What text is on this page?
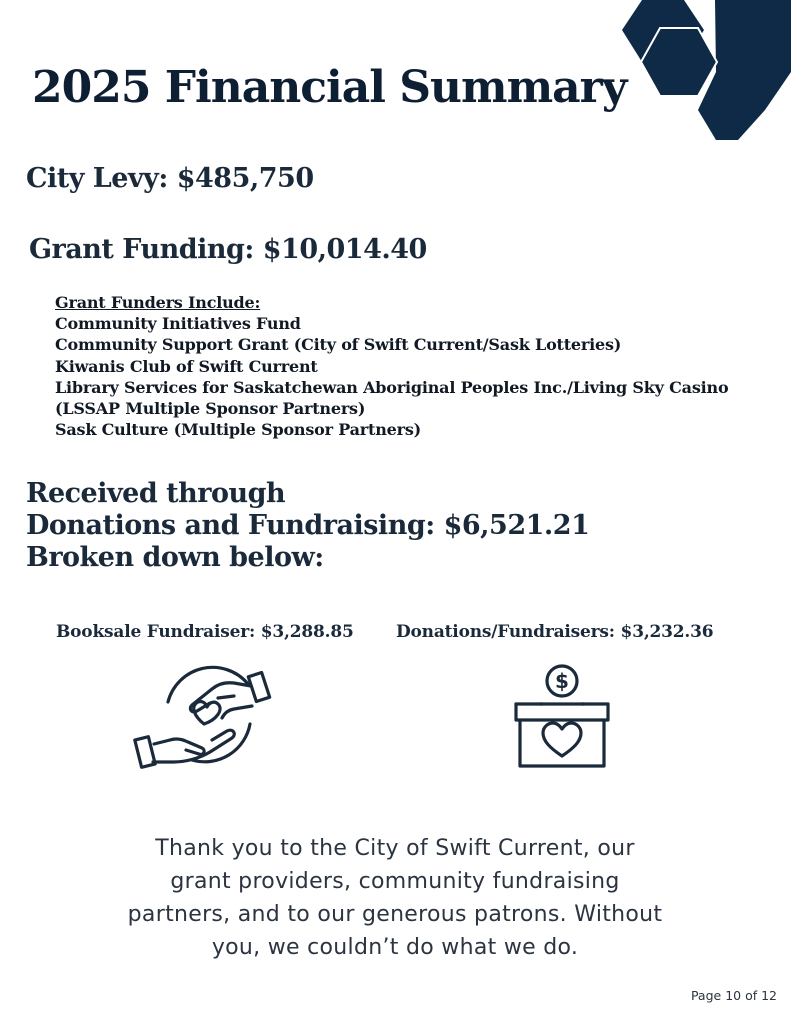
2025 Financial Summary
City Levy: $485,750
Grant Funding: $10,014.40
Grant Funders Include:
Community Initiatives Fund
Community Support Grant (City of Swift Current/Sask Lotteries)
Kiwanis Club of Swift Current
Library Services for Saskatchewan Aboriginal Peoples Inc./Living Sky Casino
(LSSAP Multiple Sponsor Partners)
Sask Culture (Multiple Sponsor Partners)
Received through
Donations and Fundraising: $6,521.21
Broken down below:
Booksale Fundraiser: $3,288.85 Donations/Fundraisers: $3,232.36
$
Thank you to the City of Swift Current, our
grant providers, community fundraising
partners, and to our generous patrons. Without
you, we couldn’t do what we do.
Page 10 of 12
